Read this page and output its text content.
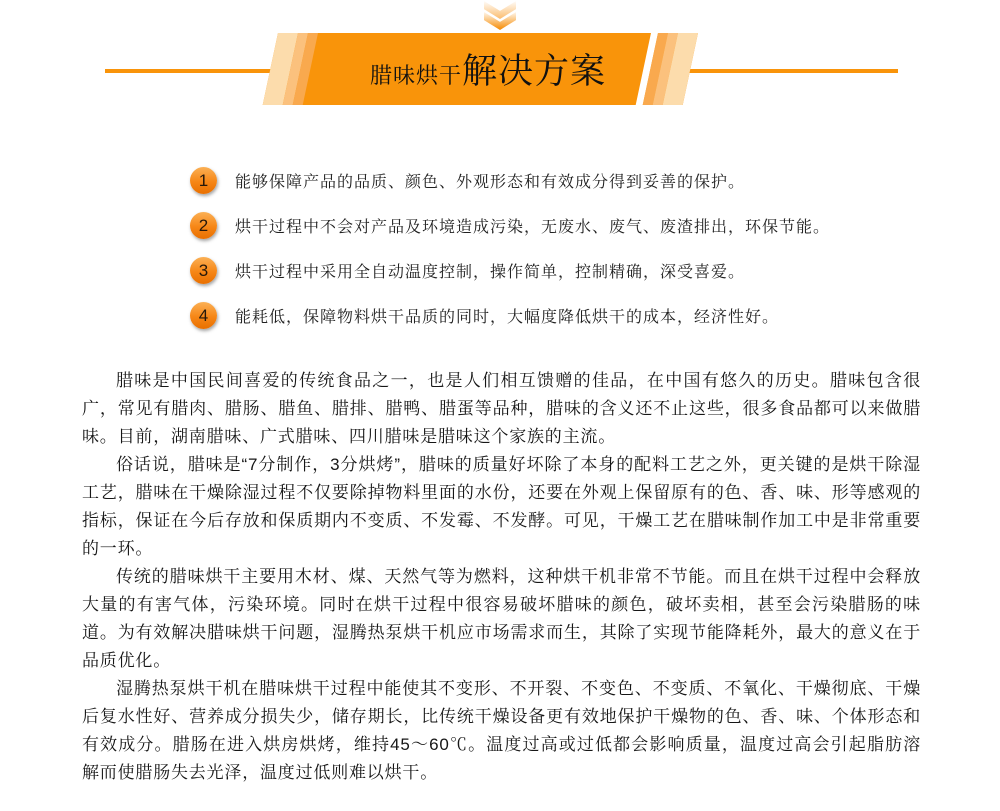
腊味烘干解决方案
1	能够保障产品的品质、颜色、外观形态和有效成分得到妥善的保护。
2	烘干过程中不会对产品及环境造成污染，无废水、废气、废渣排出，环保节能。
3	烘干过程中采用全自动温度控制，操作简单，控制精确，深受喜爱。
4	能耗低，保障物料烘干品质的同时，大幅度降低烘干的成本，经济性好。

腊味是中国民间喜爱的传统食品之一，也是人们相互馈赠的佳品，在中国有悠久的历史。腊味包含很广，常见有腊肉、腊肠、腊鱼、腊排、腊鸭、腊蛋等品种，腊味的含义还不止这些，很多食品都可以来做腊味。目前，湖南腊味、广式腊味、四川腊味是腊味这个家族的主流。

俗话说，腊味是“7分制作，3分烘烤”，腊味的质量好坏除了本身的配料工艺之外，更关键的是烘干除湿工艺，腊味在干燥除湿过程不仅要除掉物料里面的水份，还要在外观上保留原有的色、香、味、形等感观的指标，保证在今后存放和保质期内不变质、不发霉、不发酵。可见，干燥工艺在腊味制作加工中是非常重要的一环。

传统的腊味烘干主要用木材、煤、天然气等为燃料，这种烘干机非常不节能。而且在烘干过程中会释放大量的有害气体，污染环境。同时在烘干过程中很容易破坏腊味的颜色，破坏卖相，甚至会污染腊肠的味道。为有效解决腊味烘干问题，湿腾热泵烘干机应市场需求而生，其除了实现节能降耗外，最大的意义在于品质优化。

湿腾热泵烘干机在腊味烘干过程中能使其不变形、不开裂、不变色、不变质、不氧化、干燥彻底、干燥后复水性好、营养成分损失少，储存期长，比传统干燥设备更有效地保护干燥物的色、香、味、个体形态和有效成分。腊肠在进入烘房烘烤，维持45～60℃。温度过高或过低都会影响质量，温度过高会引起脂肪溶解而使腊肠失去光泽，温度过低则难以烘干。
